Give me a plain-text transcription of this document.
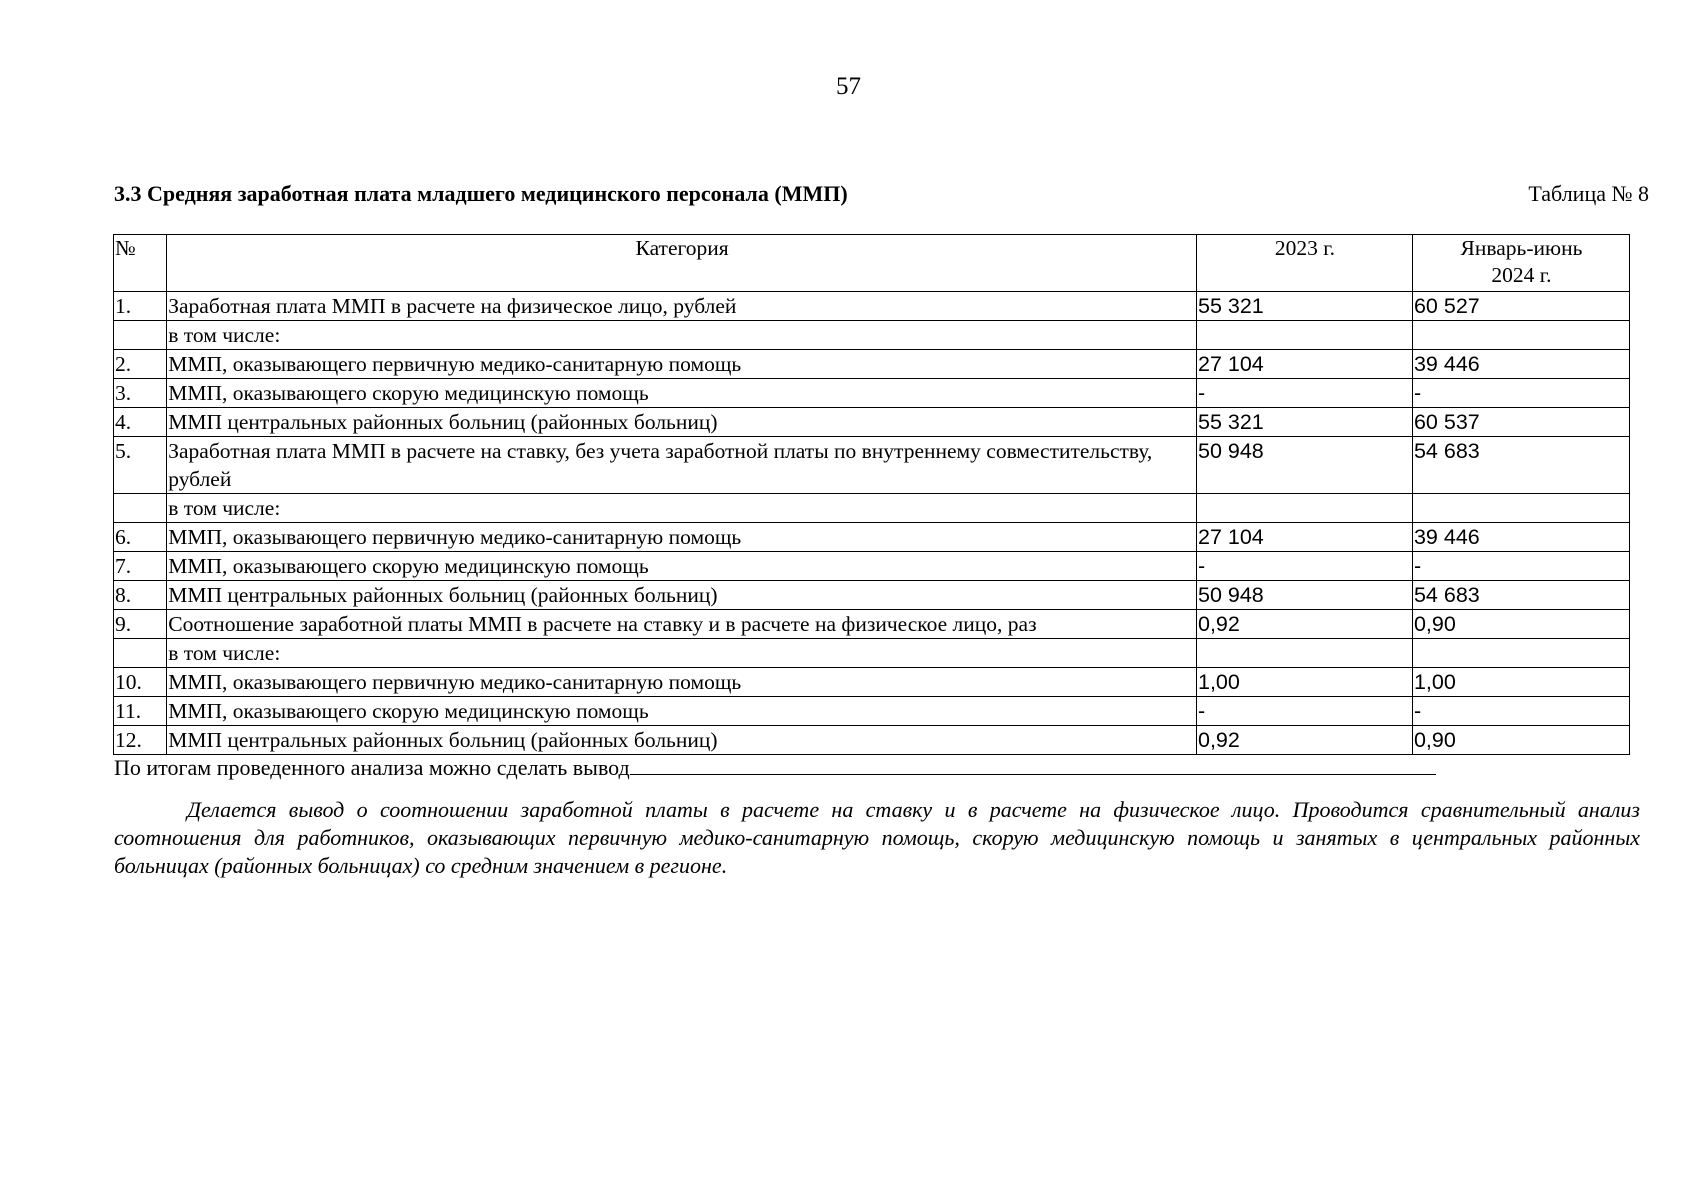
57
3.3 Средняя заработная плата младшего медицинского персонала (ММП)	Таблица № 8
№	Категория	2023 г.	Январь-июнь
2024 г.
1.	Заработная плата ММП в расчете на физическое лицо, рублей	55 321	60 527
	в том числе:		
2.	ММП, оказывающего первичную медико-санитарную помощь	27 104	39 446
3.	ММП, оказывающего скорую медицинскую помощь	-	-
4.	ММП центральных районных больниц (районных больниц)	55 321	60 537
5.	Заработная плата ММП в расчете на ставку, без учета заработной платы по внутреннему совместительству, рублей	50 948	54 683
	в том числе:		
6.	ММП, оказывающего первичную медико-санитарную помощь	27 104	39 446
7.	ММП, оказывающего скорую медицинскую помощь	-	-
8.	ММП центральных районных больниц (районных больниц)	50 948	54 683
9.	Соотношение заработной платы ММП в расчете на ставку и в расчете на физическое лицо, раз	0,92	0,90
	в том числе:		
10.	ММП, оказывающего первичную медико-санитарную помощь	1,00	1,00
11.	ММП, оказывающего скорую медицинскую помощь	-	-
12.	ММП центральных районных больниц (районных больниц)	0,92	0,90
По итогам проведенного анализа можно сделать вывод

Делается вывод о соотношении заработной платы в расчете на ставку и в расчете на физическое лицо. Проводится сравнительный анализ соотношения для работников, оказывающих первичную медико-санитарную помощь, скорую медицинскую помощь и занятых в центральных районных больницах (районных больницах) со средним значением в регионе.
